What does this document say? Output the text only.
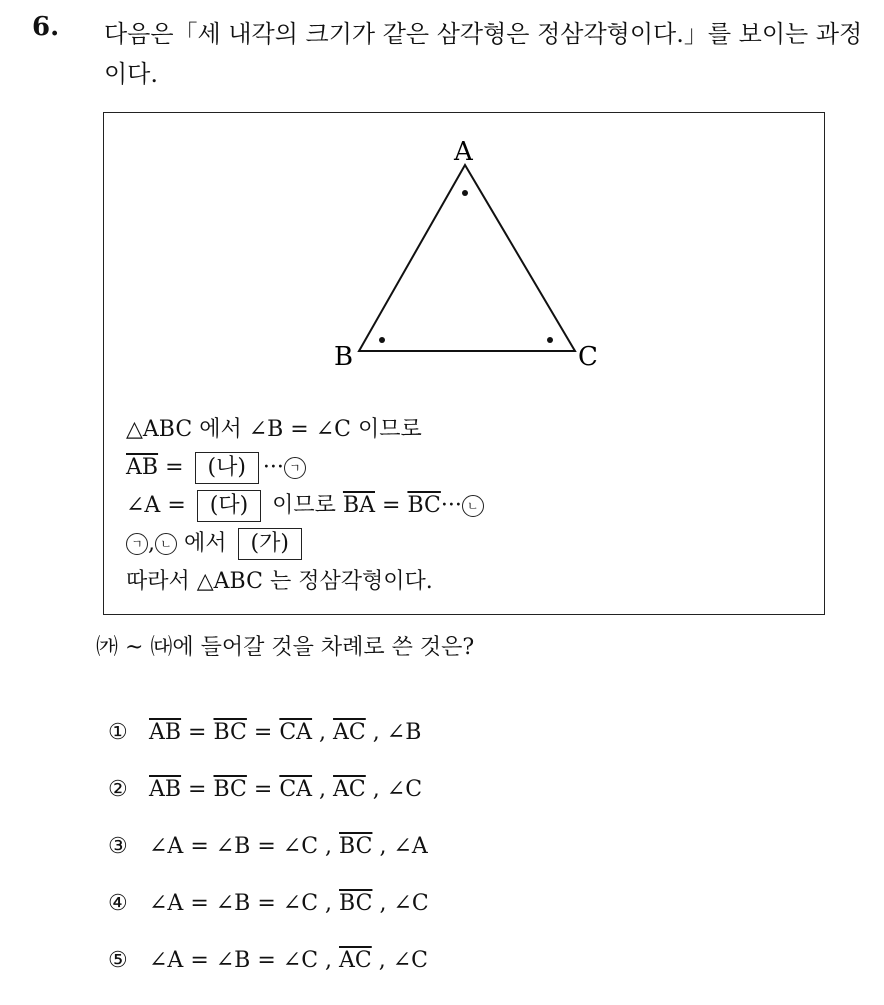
6. 다음은「세 내각의 크기가 같은 삼각형은 정삼각형이다.」를 보이는 과정이다.
A
B	C
△ABC 에서 ∠B = ∠C 이므로
$\overline{AB}$ = (나) ··· ㄱ
∠A = (다) 이므로 $\overline{BA} = \overline{BC}\cdot\cdot\cdot$ ㄴ
ㄱ , ㄴ 에서 (가)
따라서 △ABC 는 정삼각형이다.
㈎ ~ ㈐에 들어갈 것을 차례로 쓴 것은?
① $\overline{AB} = \overline{BC} = \overline{CA}$ , $\overline{AC}$ , ∠B
② $\overline{AB} = \overline{BC} = \overline{CA}$ , $\overline{AC}$ , ∠C
③ ∠A = ∠B = ∠C , $\overline{BC}$ , ∠A
④ ∠A = ∠B = ∠C , $\overline{BC}$ , ∠C
⑤ ∠A = ∠B = ∠C , $\overline{AC}$ , ∠C
